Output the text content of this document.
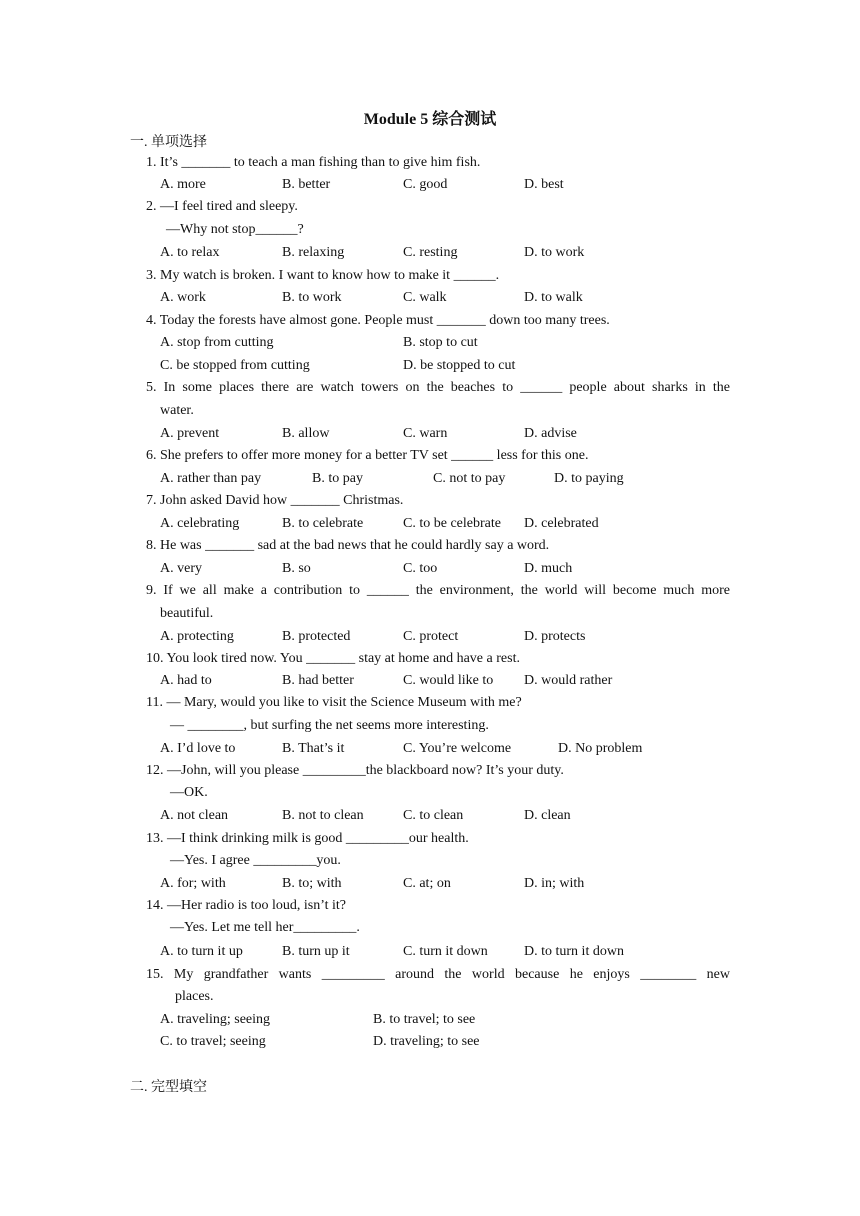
Module 5 综合测试
一. 单项选择
1. It’s _______ to teach a man fishing than to give him fish.
A. more	B. better	C. good	D. best
2. —I feel tired and sleepy.
—Why not stop______?
A. to relax	B. relaxing	C. resting	D. to work
3. My watch is broken. I want to know how to make it ______.
A. work	B. to work	C. walk	D. to walk
4. Today the forests have almost gone. People must _______ down too many trees.
A. stop from cutting	B. stop to cut
C. be stopped from cutting	D. be stopped to cut
5. In some places there are watch towers on the beaches to ______ people about sharks in the
water.
A. prevent	B. allow	C. warn	D. advise
6. She prefers to offer more money for a better TV set ______ less for this one.
A. rather than pay	B. to pay	C. not to pay	D. to paying
7. John asked David how _______ Christmas.
A. celebrating	B. to celebrate	C. to be celebrate D. celebrated
8. He was _______ sad at the bad news that he could hardly say a word.
A. very	B. so	C. too	D. much
9. If we all make a contribution to ______ the environment, the world will become much more
beautiful.
A. protecting	B. protected	C. protect	D. protects
10. You look tired now. You _______ stay at home and have a rest.
A. had to	B. had better	C. would like to D. would rather
11. — Mary, would you like to visit the Science Museum with me?
— ________, but surfing the net seems more interesting.
A. I’d love to	B. That’s it	C. You’re welcome	D. No problem
12. —John, will you please _________the blackboard now? It’s your duty.
—OK.
A. not clean	B. not to clean	C. to clean	D. clean
13. —I think drinking milk is good _________our health.
—Yes. I agree _________you.
A. for; with	B. to; with	C. at; on	D. in; with
14. —Her radio is too loud, isn’t it?
—Yes. Let me tell her_________.
A. to turn it up	B. turn up it	C. turn it down	D. to turn it down
15. My grandfather wants _________ around the world because he enjoys ________ new
places.
A. traveling; seeing	B. to travel; to see
C. to travel; seeing	D. traveling; to see
二. 完型填空
